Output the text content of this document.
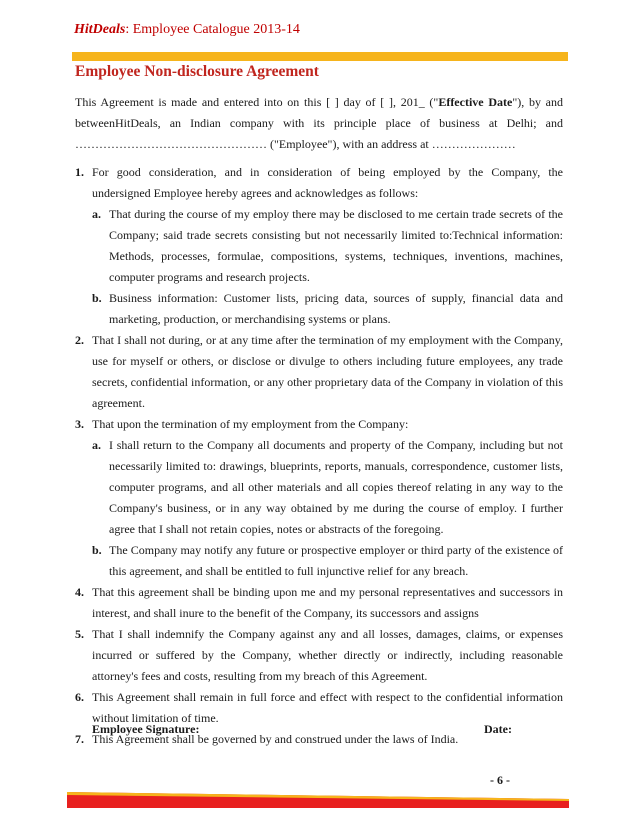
HitDeals: Employee Catalogue 2013-14
Employee Non-disclosure Agreement

This Agreement is made and entered into on this [ ] day of [ ], 201_ ("Effective Date"), by and betweenHitDeals, an Indian company with its principle place of business at Delhi; and ………………………………………… ("Employee"), with an address at …………………

1. For good consideration, and in consideration of being employed by the Company, the undersigned Employee hereby agrees and acknowledges as follows:

a. That during the course of my employ there may be disclosed to me certain trade secrets of the Company; said trade secrets consisting but not necessarily limited to:Technical information: Methods, processes, formulae, compositions, systems, techniques, inventions, machines, computer programs and research projects.

b. Business information: Customer lists, pricing data, sources of supply, financial data and marketing, production, or merchandising systems or plans.

2. That I shall not during, or at any time after the termination of my employment with the Company, use for myself or others, or disclose or divulge to others including future employees, any trade secrets, confidential information, or any other proprietary data of the Company in violation of this agreement.

3. That upon the termination of my employment from the Company:

a. I shall return to the Company all documents and property of the Company, including but not necessarily limited to: drawings, blueprints, reports, manuals, correspondence, customer lists, computer programs, and all other materials and all copies thereof relating in any way to the Company's business, or in any way obtained by me during the course of employ. I further agree that I shall not retain copies, notes or abstracts of the foregoing.

b. The Company may notify any future or prospective employer or third party of the existence of this agreement, and shall be entitled to full injunctive relief for any breach.

4. That this agreement shall be binding upon me and my personal representatives and successors in interest, and shall inure to the benefit of the Company, its successors and assigns

5. That I shall indemnify the Company against any and all losses, damages, claims, or expenses incurred or suffered by the Company, whether directly or indirectly, including reasonable attorney's fees and costs, resulting from my breach of this Agreement.

6. This Agreement shall remain in full force and effect with respect to the confidential information without limitation of time.

7. This Agreement shall be governed by and construed under the laws of India.

Employee Signature:	Date:
- 6 -
